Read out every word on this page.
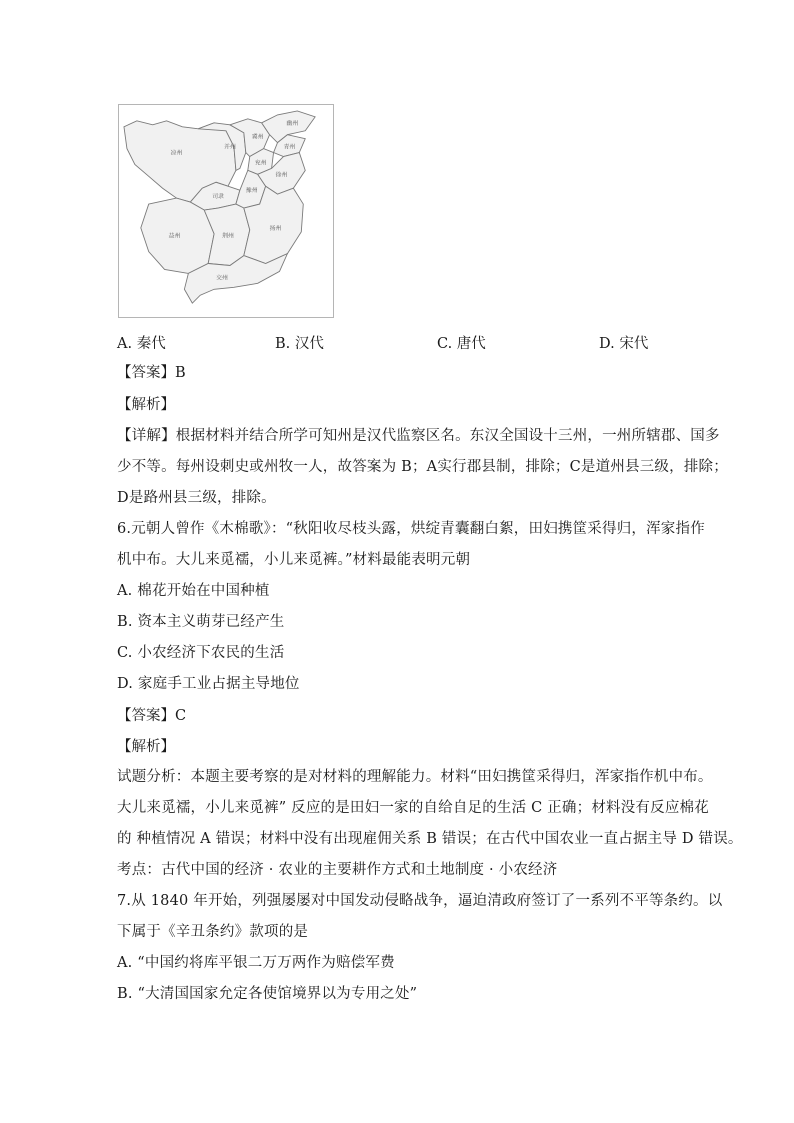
凉州
并州
冀州
幽州
青州
司隶
兖州
豫州
徐州
益州	荆州
扬州
交州
A. 秦代	B. 汉代	C. 唐代	D. 宋代
【答案】B
【解析】
【详解】根据材料并结合所学可知州是汉代监察区名。东汉全国设十三州，一州所辖郡、国多
少不等。每州设刺史或州牧一人，故答案为 B；A实行郡县制，排除；C是道州县三级，排除；
D是路州县三级，排除。
6.元朝人曾作《木棉歌》：“秋阳收尽枝头露，烘绽青囊翻白絮，田妇携筐采得归，浑家指作
机中布。大儿来觅襦，小儿来觅裤。”材料最能表明元朝
A. 棉花开始在中国种植
B. 资本主义萌芽已经产生
C. 小农经济下农民的生活
D. 家庭手工业占据主导地位
【答案】C
【解析】
试题分析：本题主要考察的是对材料的理解能力。材料“田妇携筐采得归，浑家指作机中布。
大儿来觅襦，小儿来觅裤” 反应的是田妇一家的自给自足的生活 C 正确；材料没有反应棉花
的 种植情况 A 错误；材料中没有出现雇佣关系 B 错误；在古代中国农业一直占据主导 D 错误。
考点：古代中国的经济 · 农业的主要耕作方式和土地制度 · 小农经济
7.从 1840 年开始，列强屡屡对中国发动侵略战争，逼迫清政府签订了一系列不平等条约。以
下属于《辛丑条约》款项的是
A. “中国约将库平银二万万两作为赔偿军费
B. “大清国国家允定各使馆境界以为专用之处”
